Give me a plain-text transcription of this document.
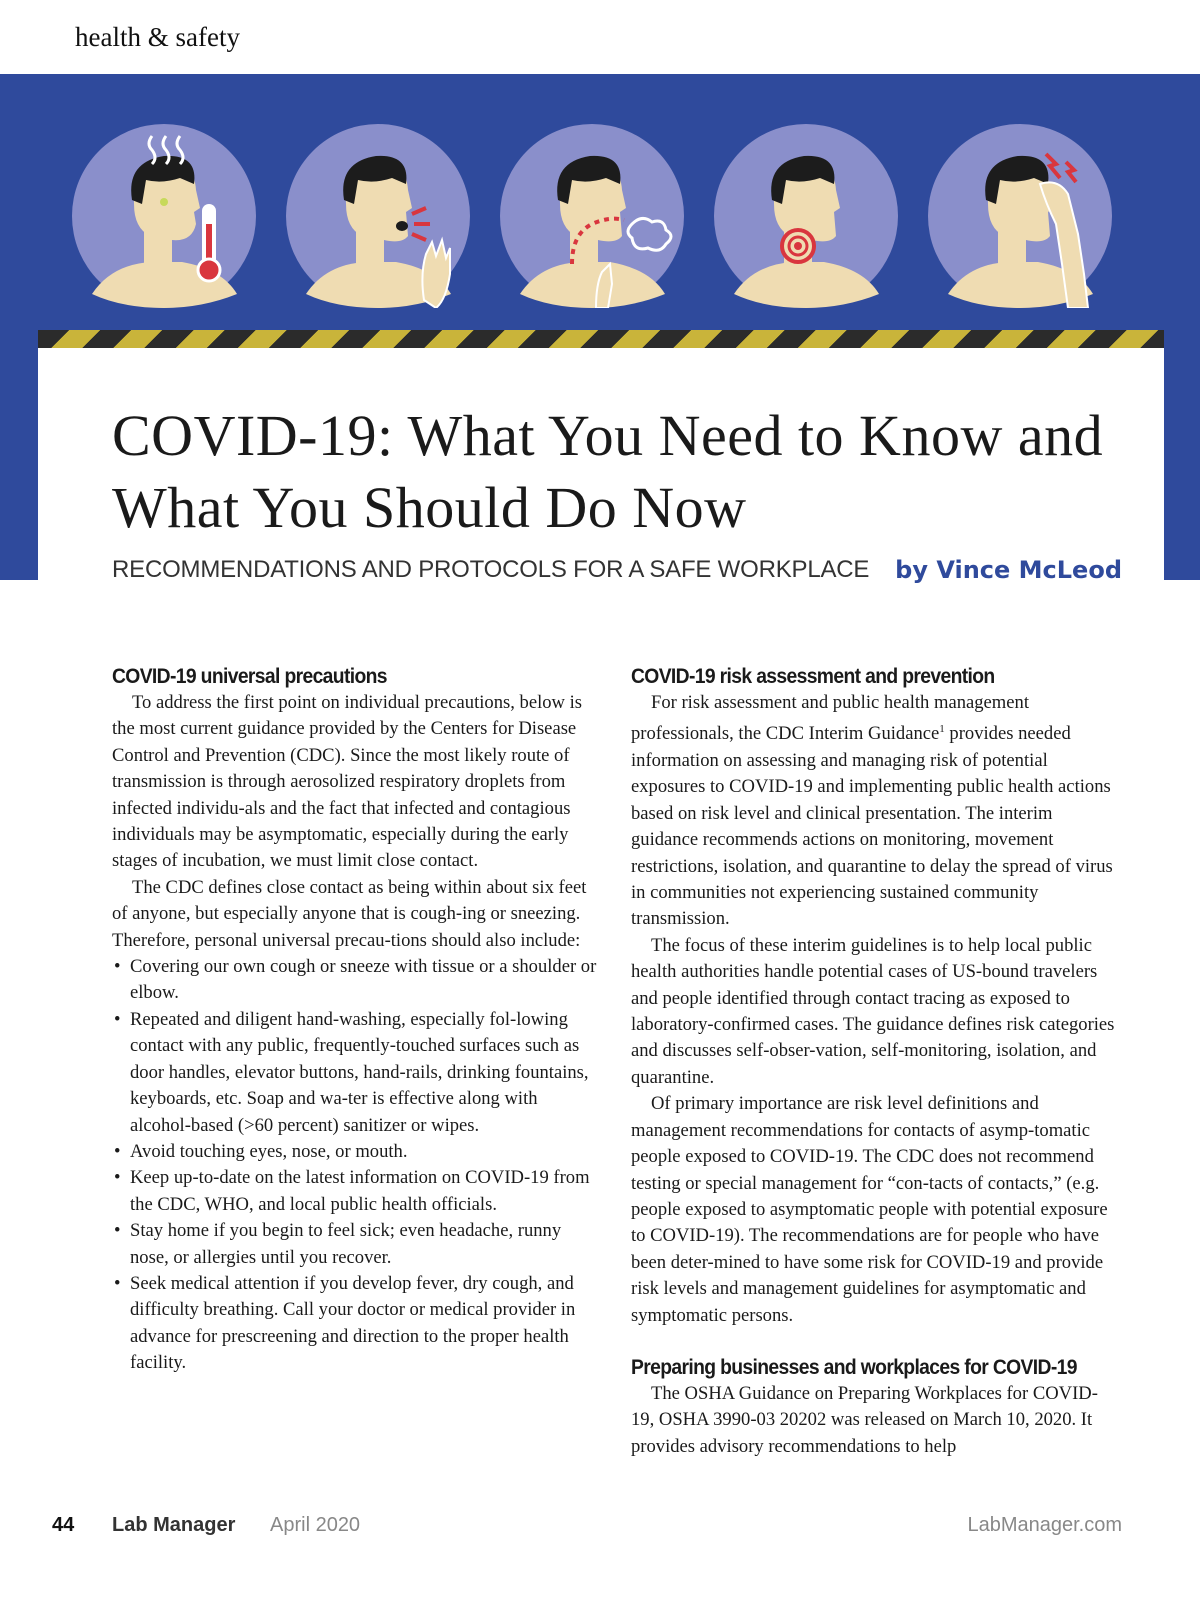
health & safety
COVID-19: What You Need to Know and What You Should Do Now
RECOMMENDATIONS AND PROTOCOLS FOR A SAFE WORKPLACE by Vince McLeod
COVID-19 universal precautions

To address the first point on individual precautions, below is the most current guidance provided by the Centers for Disease Control and Prevention (CDC). Since the most likely route of transmission is through aerosolized respiratory droplets from infected individu-als and the fact that infected and contagious individuals may be asymptomatic, especially during the early stages of incubation, we must limit close contact.

The CDC defines close contact as being within about six feet of anyone, but especially anyone that is cough-ing or sneezing. Therefore, personal universal precau-tions should also include:

• Covering our own cough or sneeze with tissue or a shoulder or elbow.
• Repeated and diligent hand-washing, especially fol-lowing contact with any public, frequently-touched surfaces such as door handles, elevator buttons, hand-rails, drinking fountains, keyboards, etc. Soap and wa-ter is effective along with alcohol-based (>60 percent) sanitizer or wipes.
• Avoid touching eyes, nose, or mouth.
• Keep up-to-date on the latest information on COVID-19 from the CDC, WHO, and local public health officials.
• Stay home if you begin to feel sick; even headache, runny nose, or allergies until you recover.
• Seek medical attention if you develop fever, dry cough, and difficulty breathing. Call your doctor or medical provider in advance for prescreening and direction to the proper health facility.
COVID-19 risk assessment and prevention

For risk assessment and public health management professionals, the CDC Interim Guidance$^1$ provides needed information on assessing and managing risk of potential exposures to COVID-19 and implementing public health actions based on risk level and clinical presentation. The interim guidance recommends actions on monitoring, movement restrictions, isolation, and quarantine to delay the spread of virus in communities not experiencing sustained community transmission.

The focus of these interim guidelines is to help local public health authorities handle potential cases of US-bound travelers and people identified through contact tracing as exposed to laboratory-confirmed cases. The guidance defines risk categories and discusses self-obser-vation, self-monitoring, isolation, and quarantine.

Of primary importance are risk level definitions and management recommendations for contacts of asymp-tomatic people exposed to COVID-19. The CDC does not recommend testing or special management for “con-tacts of contacts,” (e.g. people exposed to asymptomatic people with potential exposure to COVID-19). The recommendations are for people who have been deter-mined to have some risk for COVID-19 and provide risk levels and management guidelines for asymptomatic and symptomatic persons.

Preparing businesses and workplaces for COVID-19

The OSHA Guidance on Preparing Workplaces for COVID-19, OSHA 3990-03 20202 was released on March 10, 2020. It provides advisory recommendations to help

44 Lab Manager April 2020	LabManager.com
